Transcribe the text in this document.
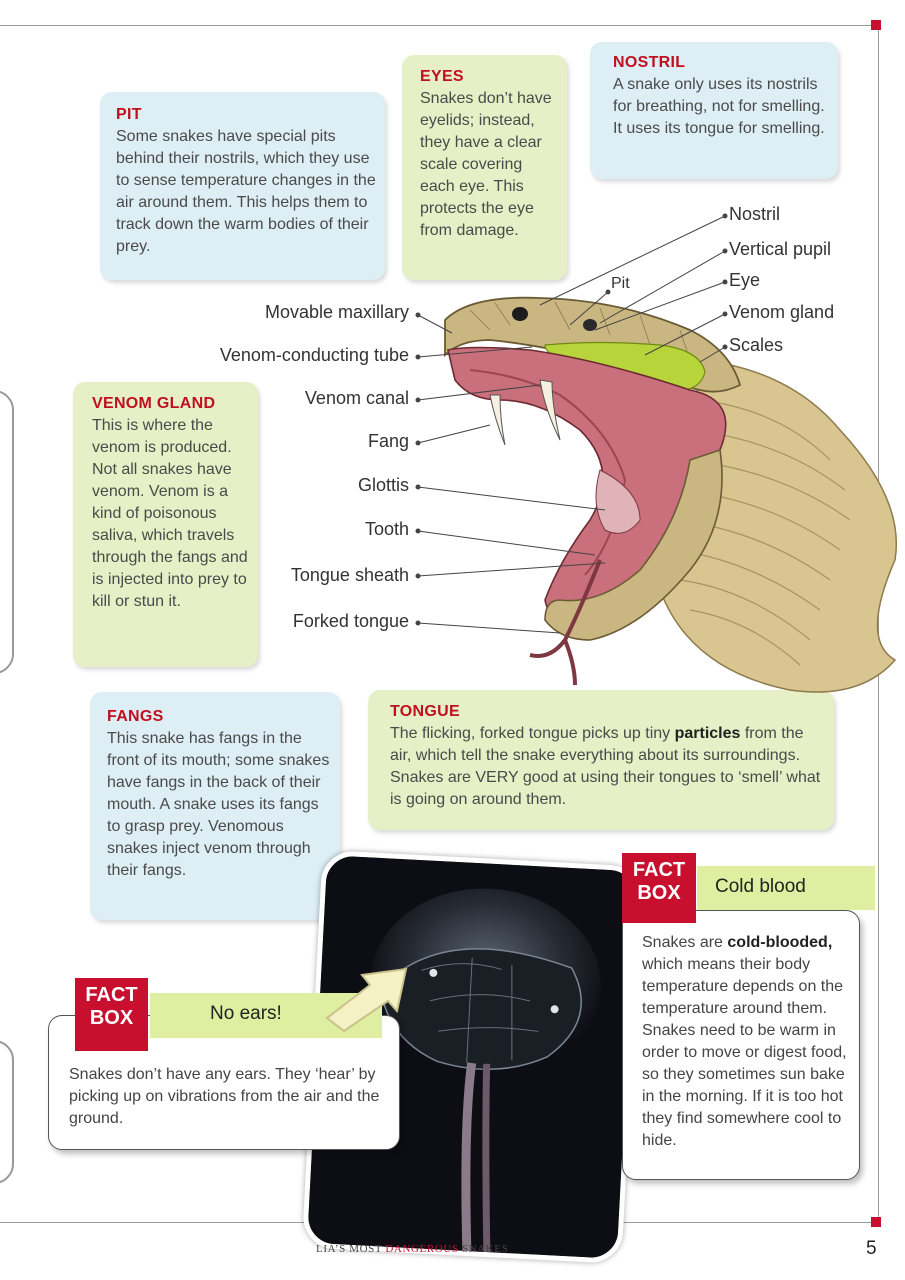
PIT

Some snakes have special pits behind their nostrils, which they use to sense temperature changes in the air around them. This helps them to track down the warm bodies of their prey.

EYES

Snakes don’t have eyelids; instead, they have a clear scale covering each eye. This protects the eye from damage.

NOSTRIL

A snake only uses its nostrils for breathing, not for smelling. It uses its tongue for smelling.

VENOM GLAND

This is where the venom is produced. Not all snakes have venom. Venom is a kind of poisonous saliva, which travels through the fangs and is injected into prey to kill or stun it.

FANGS

This snake has fangs in the front of its mouth; some snakes have fangs in the back of their mouth. A snake uses its fangs to grasp prey. Venomous snakes inject venom through their fangs.

TONGUE

The flicking, forked tongue picks up tiny particles from the air, which tell the snake everything about its surroundings. Snakes are VERY good at using their tongues to ‘smell’ what is going on around them.

Movable maxillary
Venom-conducting tube
Venom canal
Fang
Glottis
Tooth
Tongue sheath
Forked tongue
Nostril
Vertical pupil
Eye
Venom gland
Scales
Pit
Snakes don’t have any ears. They ‘hear’ by picking up on vibrations from the air and the ground.
No ears!
FACT
BOX
Snakes are cold-blooded, which means their body temperature depends on the temperature around them. Snakes need to be warm in order to move or digest food, so they sometimes sun bake in the morning. If it is too hot they find somewhere cool to hide.
Cold blood
FACT
BOX
LIA’S MOST DANGEROUS SNAKES	5
